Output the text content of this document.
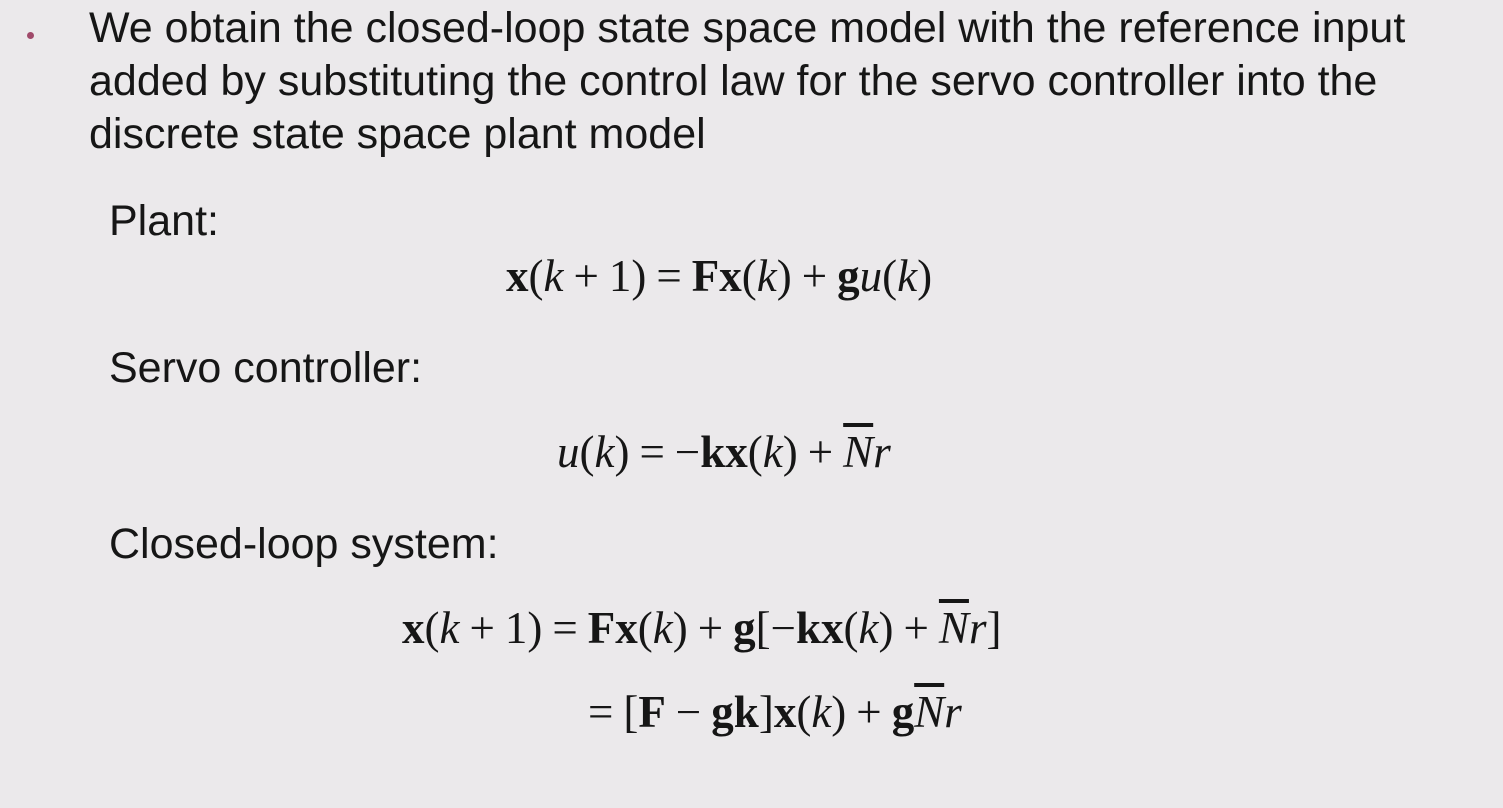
We obtain the closed-loop state space model with the reference input added by substituting the control law for the servo controller into the discrete state space plant model

Plant:

x(k + 1) = Fx(k) + gu(k)

Servo controller:

$u(k) = -kx(k) + \overline{N}r$

Closed-loop system:

$x(k + 1) = Fx(k) + g[-kx(k) + \overline{N}r]$
= $[F - gk]x(k) + g\overline{N}r$
